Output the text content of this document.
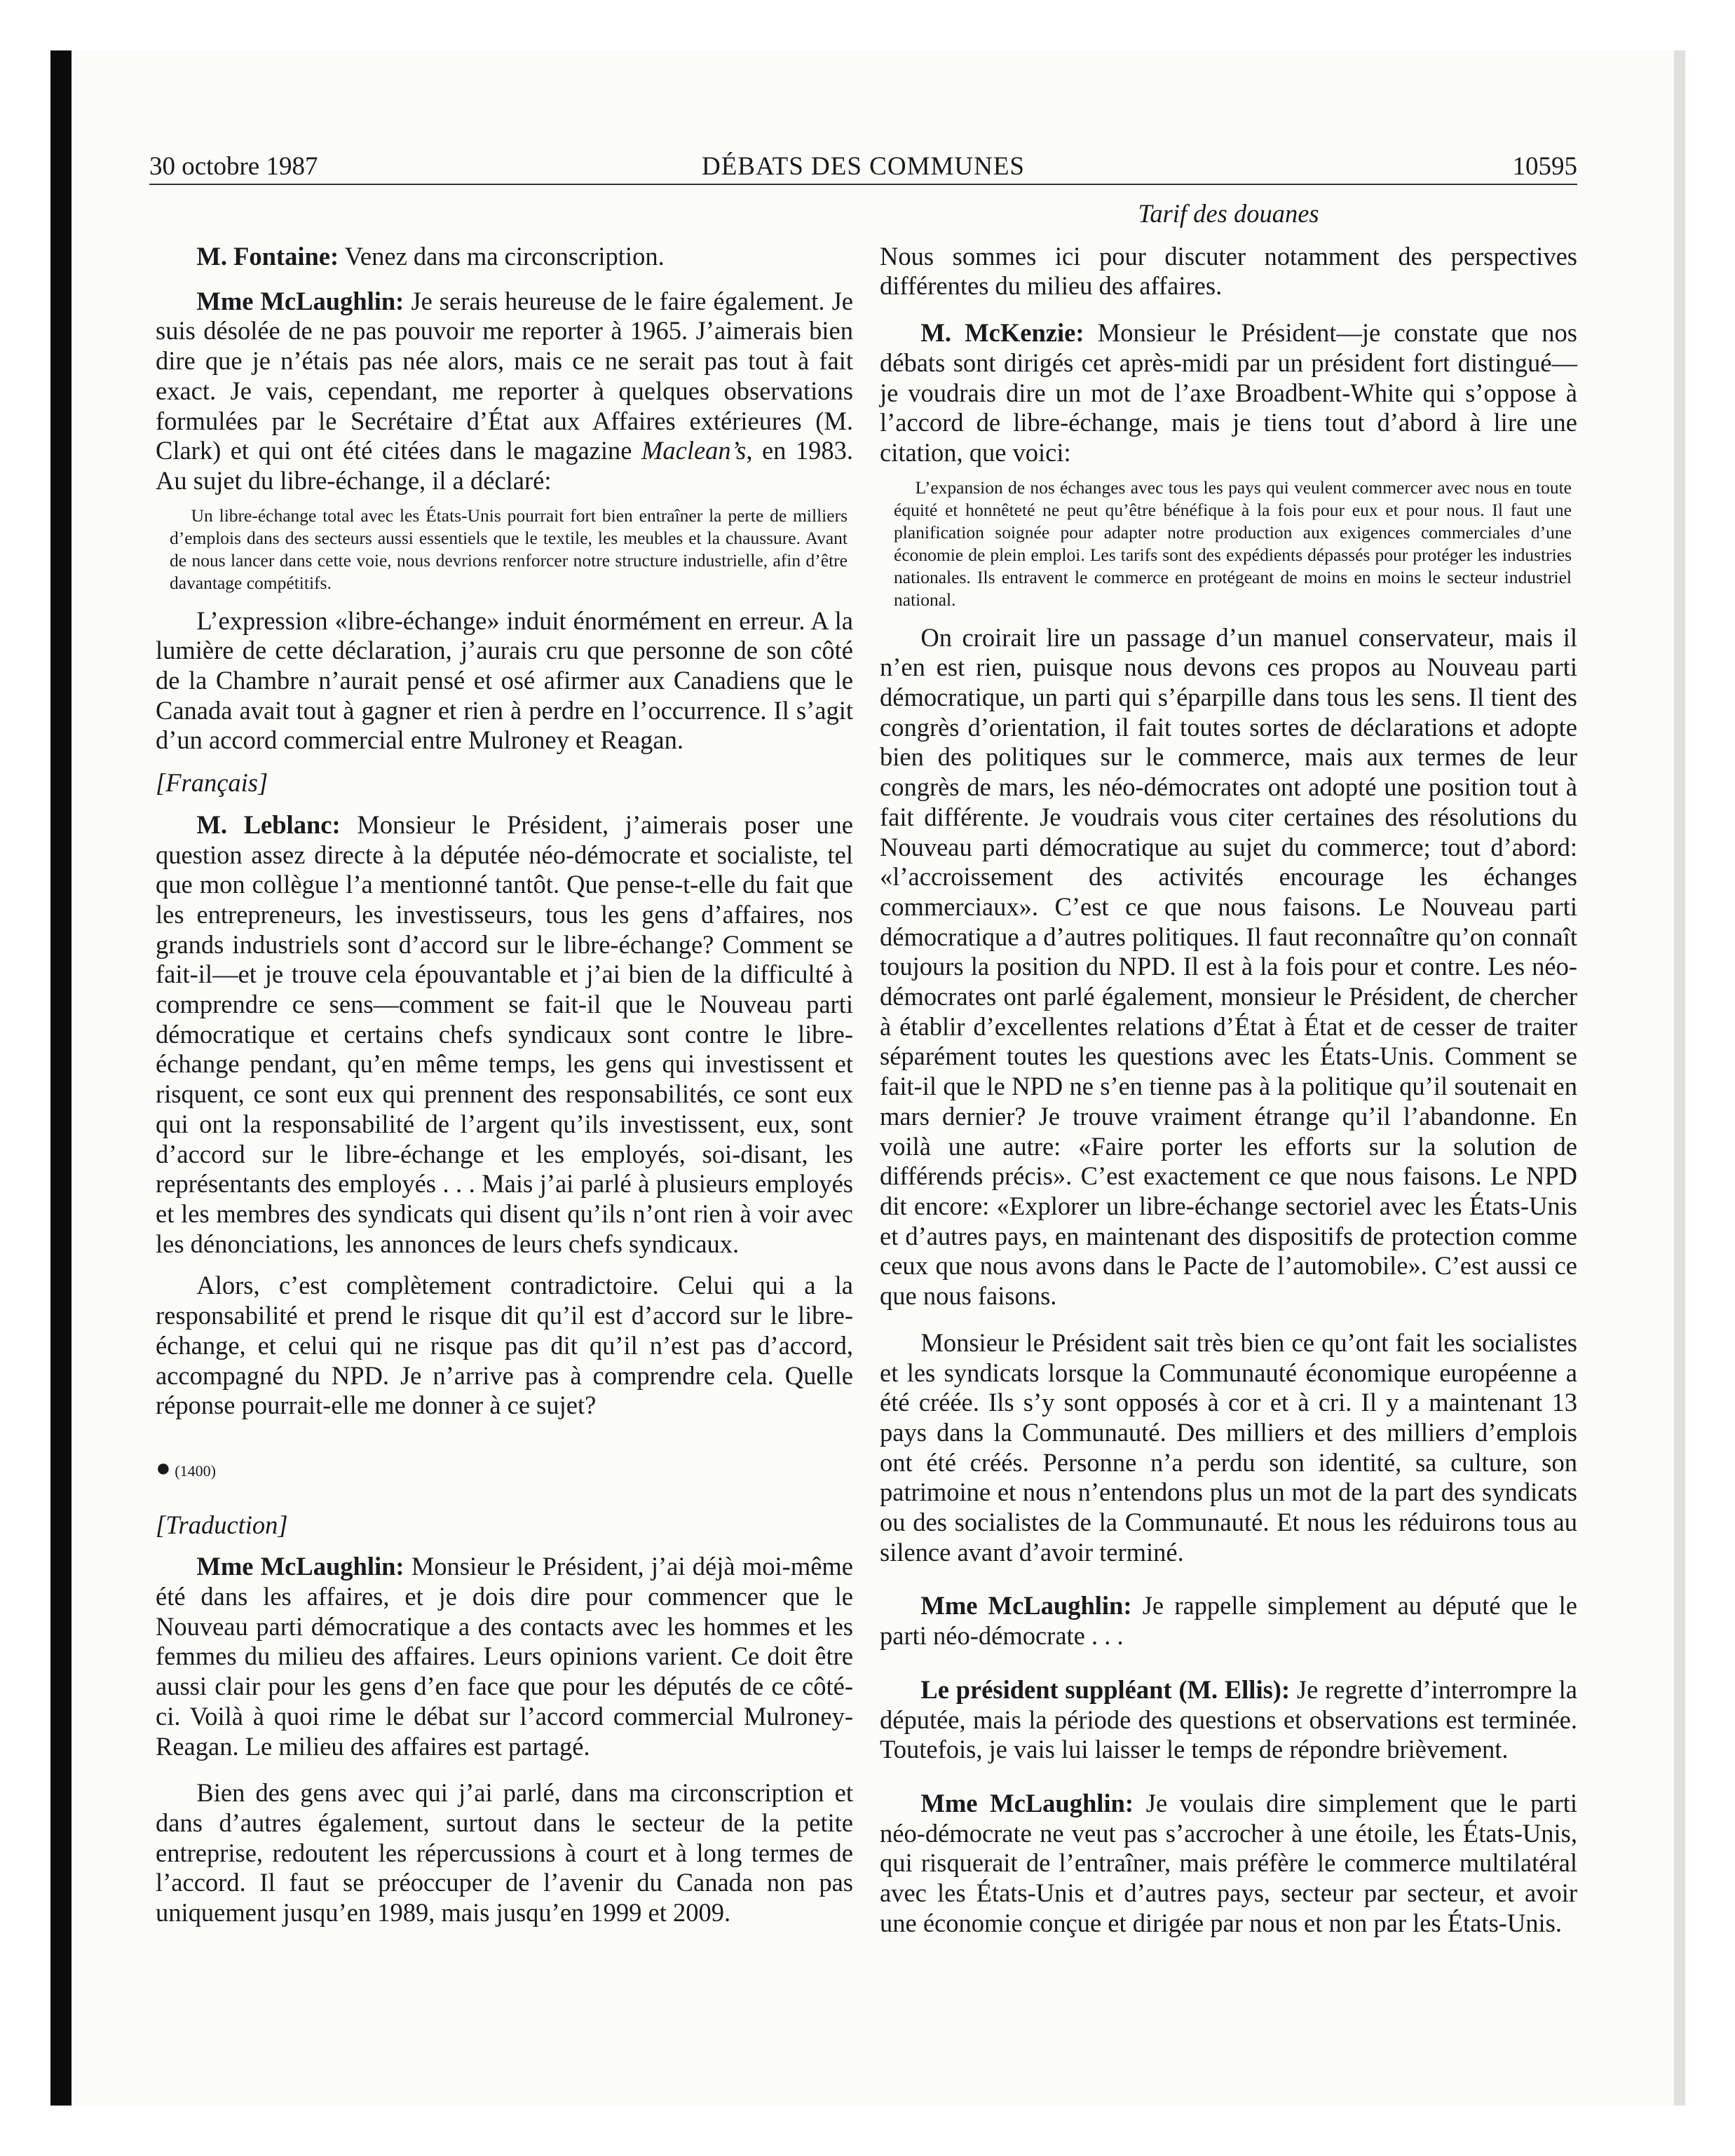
30 octobre 1987	DÉBATS DES COMMUNES	10595

M. Fontaine: Venez dans ma circonscription.

Mme McLaughlin: Je serais heureuse de le faire également. Je suis désolée de ne pas pouvoir me reporter à 1965. J’aimerais bien dire que je n’étais pas née alors, mais ce ne serait pas tout à fait exact. Je vais, cependant, me reporter à quelques observations formulées par le Secrétaire d’État aux Affaires extérieures (M. Clark) et qui ont été citées dans le magazine Maclean’s, en 1983. Au sujet du libre-échange, il a déclaré:

Un libre-échange total avec les États-Unis pourrait fort bien entraîner la perte de milliers d’emplois dans des secteurs aussi essentiels que le textile, les meubles et la chaussure. Avant de nous lancer dans cette voie, nous devrions renforcer notre structure industrielle, afin d’être davantage compétitifs.

L’expression «libre-échange» induit énormément en erreur. A la lumière de cette déclaration, j’aurais cru que personne de son côté de la Chambre n’aurait pensé et osé afirmer aux Canadiens que le Canada avait tout à gagner et rien à perdre en l’occurrence. Il s’agit d’un accord commercial entre Mulroney et Reagan.

[Français]

M. Leblanc: Monsieur le Président, j’aimerais poser une question assez directe à la députée néo-démocrate et socialiste, tel que mon collègue l’a mentionné tantôt. Que pense-t-elle du fait que les entrepreneurs, les investisseurs, tous les gens d’affaires, nos grands industriels sont d’accord sur le libre-échange? Comment se fait-il—et je trouve cela épouvantable et j’ai bien de la difficulté à comprendre ce sens—comment se fait-il que le Nouveau parti démocratique et certains chefs syndicaux sont contre le libre-échange pendant, qu’en même temps, les gens qui investissent et risquent, ce sont eux qui prennent des responsabilités, ce sont eux qui ont la responsabilité de l’argent qu’ils investissent, eux, sont d’accord sur le libre-échange et les employés, soi-disant, les représentants des employés . . . Mais j’ai parlé à plusieurs employés et les membres des syndicats qui disent qu’ils n’ont rien à voir avec les dénonciations, les annonces de leurs chefs syndicaux.

Alors, c’est complètement contradictoire. Celui qui a la responsabilité et prend le risque dit qu’il est d’accord sur le libre-échange, et celui qui ne risque pas dit qu’il n’est pas d’accord, accompagné du NPD. Je n’arrive pas à comprendre cela. Quelle réponse pourrait-elle me donner à ce sujet?

● (1400)

[Traduction]

Mme McLaughlin: Monsieur le Président, j’ai déjà moi-même été dans les affaires, et je dois dire pour commencer que le Nouveau parti démocratique a des contacts avec les hommes et les femmes du milieu des affaires. Leurs opinions varient. Ce doit être aussi clair pour les gens d’en face que pour les députés de ce côté-ci. Voilà à quoi rime le débat sur l’accord commercial Mulroney-Reagan. Le milieu des affaires est partagé.

Bien des gens avec qui j’ai parlé, dans ma circonscription et dans d’autres également, surtout dans le secteur de la petite entreprise, redoutent les répercussions à court et à long termes de l’accord. Il faut se préoccuper de l’avenir du Canada non pas uniquement jusqu’en 1989, mais jusqu’en 1999 et 2009.

Tarif des douanes

Nous sommes ici pour discuter notamment des perspectives différentes du milieu des affaires.

M. McKenzie: Monsieur le Président—je constate que nos débats sont dirigés cet après-midi par un président fort distingué—je voudrais dire un mot de l’axe Broadbent-White qui s’oppose à l’accord de libre-échange, mais je tiens tout d’abord à lire une citation, que voici:

L’expansion de nos échanges avec tous les pays qui veulent commercer avec nous en toute équité et honnêteté ne peut qu’être bénéfique à la fois pour eux et pour nous. Il faut une planification soignée pour adapter notre production aux exigences commerciales d’une économie de plein emploi. Les tarifs sont des expédients dépassés pour protéger les industries nationales. Ils entravent le commerce en protégeant de moins en moins le secteur industriel national.

On croirait lire un passage d’un manuel conservateur, mais il n’en est rien, puisque nous devons ces propos au Nouveau parti démocratique, un parti qui s’éparpille dans tous les sens. Il tient des congrès d’orientation, il fait toutes sortes de déclarations et adopte bien des politiques sur le commerce, mais aux termes de leur congrès de mars, les néo-démocrates ont adopté une position tout à fait différente. Je voudrais vous citer certaines des résolutions du Nouveau parti démocratique au sujet du commerce; tout d’abord: «l’accroissement des activités encourage les échanges commerciaux». C’est ce que nous faisons. Le Nouveau parti démocratique a d’autres politiques. Il faut reconnaître qu’on connaît toujours la position du NPD. Il est à la fois pour et contre. Les néo-démocrates ont parlé également, monsieur le Président, de chercher à établir d’excellentes relations d’État à État et de cesser de traiter séparément toutes les questions avec les États-Unis. Comment se fait-il que le NPD ne s’en tienne pas à la politique qu’il soutenait en mars dernier? Je trouve vraiment étrange qu’il l’abandonne. En voilà une autre: «Faire porter les efforts sur la solution de différends précis». C’est exactement ce que nous faisons. Le NPD dit encore: «Explorer un libre-échange sectoriel avec les États-Unis et d’autres pays, en maintenant des dispositifs de protection comme ceux que nous avons dans le Pacte de l’automobile». C’est aussi ce que nous faisons.

Monsieur le Président sait très bien ce qu’ont fait les socialistes et les syndicats lorsque la Communauté économique européenne a été créée. Ils s’y sont opposés à cor et à cri. Il y a maintenant 13 pays dans la Communauté. Des milliers et des milliers d’emplois ont été créés. Personne n’a perdu son identité, sa culture, son patrimoine et nous n’entendons plus un mot de la part des syndicats ou des socialistes de la Communauté. Et nous les réduirons tous au silence avant d’avoir terminé.

Mme McLaughlin: Je rappelle simplement au député que le parti néo-démocrate . . .

Le président suppléant (M. Ellis): Je regrette d’interrompre la députée, mais la période des questions et observations est terminée. Toutefois, je vais lui laisser le temps de répondre brièvement.

Mme McLaughlin: Je voulais dire simplement que le parti néo-démocrate ne veut pas s’accrocher à une étoile, les États-Unis, qui risquerait de l’entraîner, mais préfère le commerce multilatéral avec les États-Unis et d’autres pays, secteur par secteur, et avoir une économie conçue et dirigée par nous et non par les États-Unis.
